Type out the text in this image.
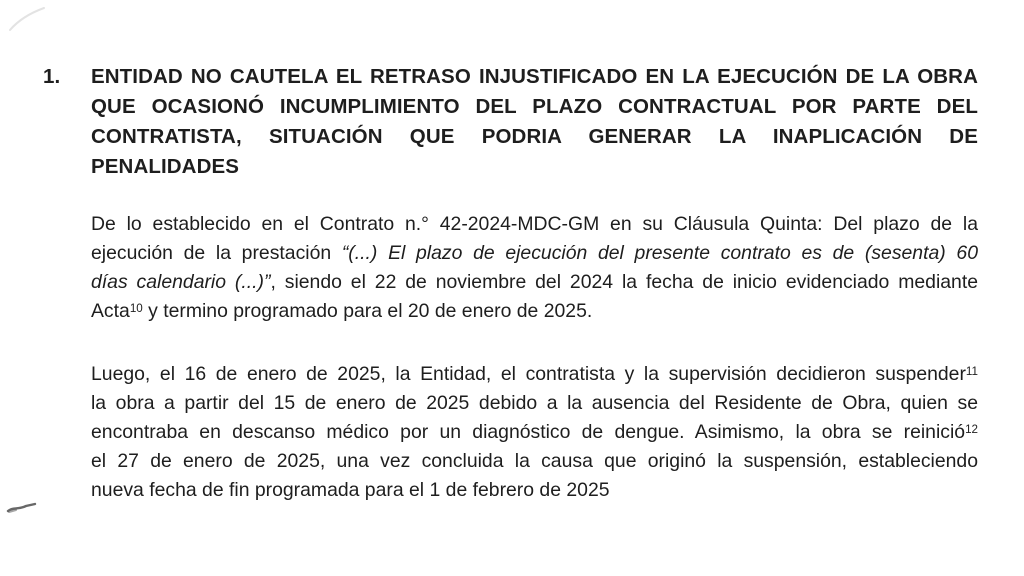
1.	ENTIDAD NO CAUTELA EL RETRASO INJUSTIFICADO EN LA EJECUCIÓN DE LA OBRA
QUE OCASIONÓ INCUMPLIMIENTO DEL PLAZO CONTRACTUAL POR PARTE DEL
CONTRATISTA, SITUACIÓN QUE PODRIA GENERAR LA INAPLICACIÓN DE
PENALIDADES
De lo establecido en el Contrato n.° 42-2024-MDC-GM en su Cláusula Quinta: Del plazo de la
ejecución de la prestación “(...) El plazo de ejecución del presente contrato es de (sesenta) 60
días calendario (...)”, siendo el 22 de noviembre del 2024 la fecha de inicio evidenciado mediante
Acta$^{10}$ y termino programado para el 20 de enero de 2025.
Luego, el 16 de enero de 2025, la Entidad, el contratista y la supervisión decidieron suspender$^{11}$
la obra a partir del 15 de enero de 2025 debido a la ausencia del Residente de Obra, quien se
encontraba en descanso médico por un diagnóstico de dengue. Asimismo, la obra se reinició$^{12}$
el 27 de enero de 2025, una vez concluida la causa que originó la suspensión, estableciendo
nueva fecha de fin programada para el 1 de febrero de 2025
